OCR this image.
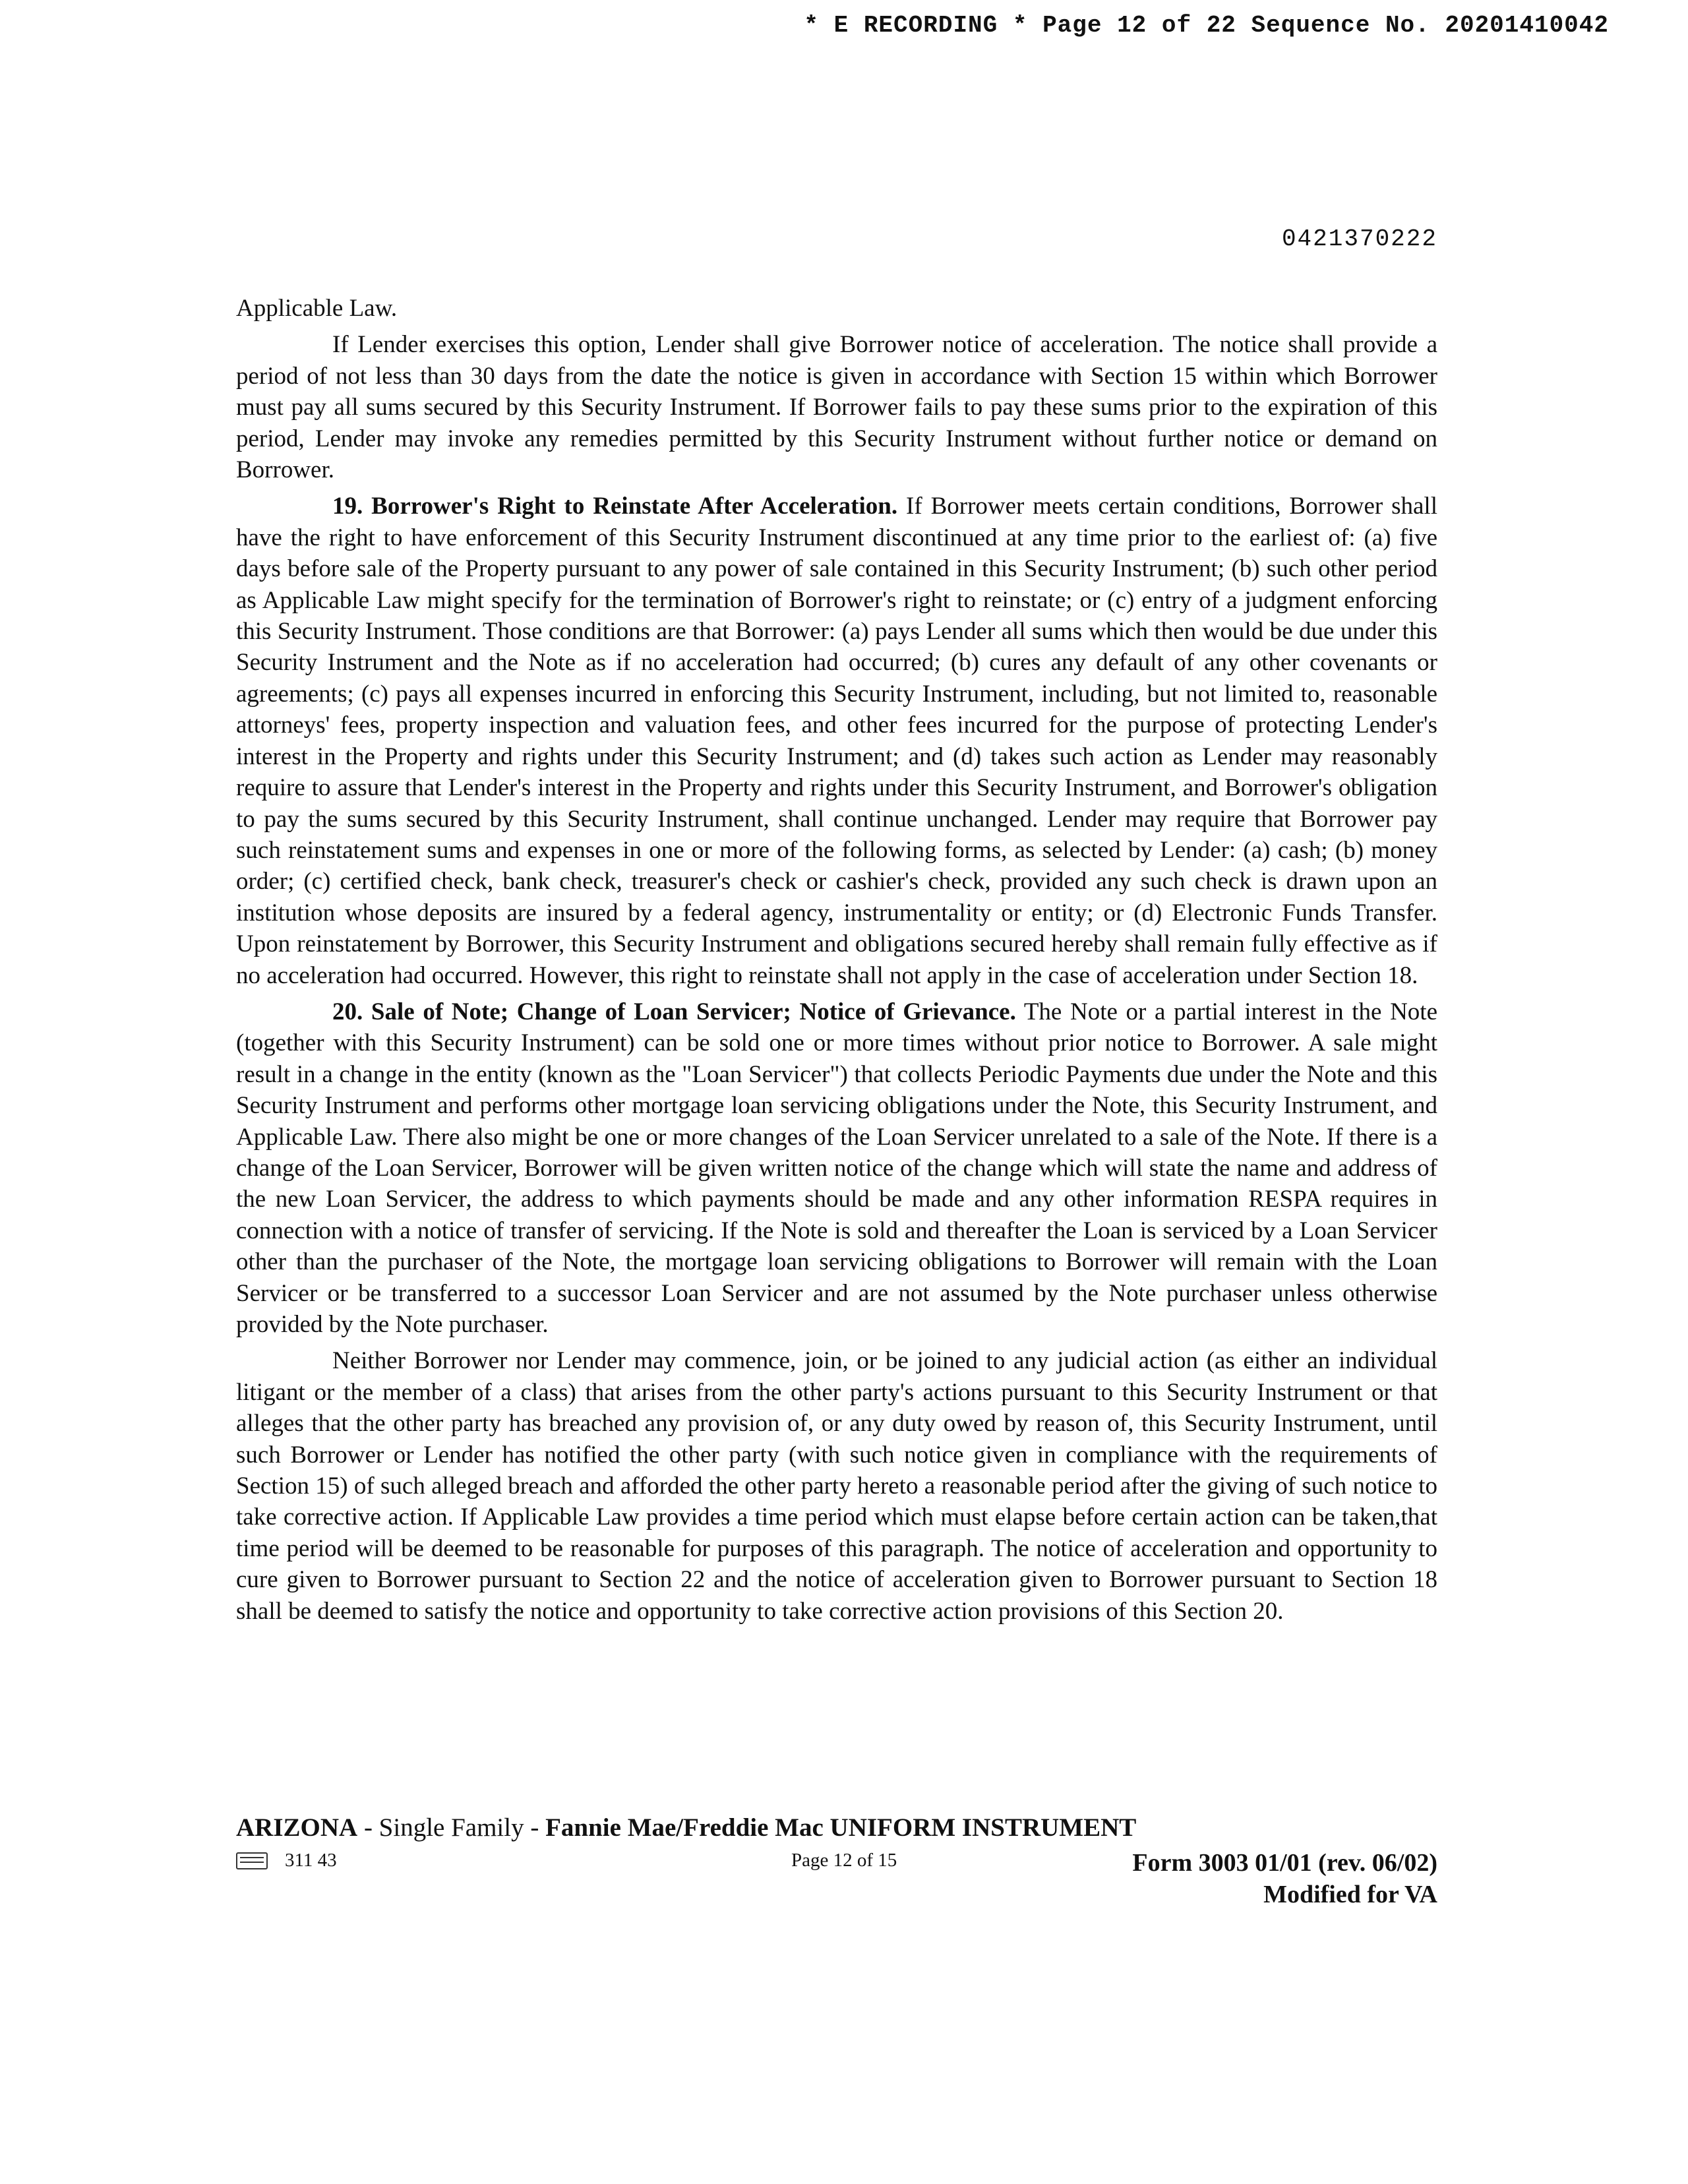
* E RECORDING * Page 12 of 22 Sequence No. 20201410042
0421370222

Applicable Law.

If Lender exercises this option, Lender shall give Borrower notice of acceleration. The notice shall provide a period of not less than 30 days from the date the notice is given in accordance with Section 15 within which Borrower must pay all sums secured by this Security Instrument. If Borrower fails to pay these sums prior to the expiration of this period, Lender may invoke any remedies permitted by this Security Instrument without further notice or demand on Borrower.

19. Borrower's Right to Reinstate After Acceleration. If Borrower meets certain conditions, Borrower shall have the right to have enforcement of this Security Instrument discontinued at any time prior to the earliest of: (a) five days before sale of the Property pursuant to any power of sale contained in this Security Instrument; (b) such other period as Applicable Law might specify for the termination of Borrower's right to reinstate; or (c) entry of a judgment enforcing this Security Instrument. Those conditions are that Borrower: (a) pays Lender all sums which then would be due under this Security Instrument and the Note as if no acceleration had occurred; (b) cures any default of any other covenants or agreements; (c) pays all expenses incurred in enforcing this Security Instrument, including, but not limited to, reasonable attorneys' fees, property inspection and valuation fees, and other fees incurred for the purpose of protecting Lender's interest in the Property and rights under this Security Instrument; and (d) takes such action as Lender may reasonably require to assure that Lender's interest in the Property and rights under this Security Instrument, and Borrower's obligation to pay the sums secured by this Security Instrument, shall continue unchanged. Lender may require that Borrower pay such reinstatement sums and expenses in one or more of the following forms, as selected by Lender: (a) cash; (b) money order; (c) certified check, bank check, treasurer's check or cashier's check, provided any such check is drawn upon an institution whose deposits are insured by a federal agency, instrumentality or entity; or (d) Electronic Funds Transfer. Upon reinstatement by Borrower, this Security Instrument and obligations secured hereby shall remain fully effective as if no acceleration had occurred. However, this right to reinstate shall not apply in the case of acceleration under Section 18.

20. Sale of Note; Change of Loan Servicer; Notice of Grievance. The Note or a partial interest in the Note (together with this Security Instrument) can be sold one or more times without prior notice to Borrower. A sale might result in a change in the entity (known as the "Loan Servicer") that collects Periodic Payments due under the Note and this Security Instrument and performs other mortgage loan servicing obligations under the Note, this Security Instrument, and Applicable Law. There also might be one or more changes of the Loan Servicer unrelated to a sale of the Note. If there is a change of the Loan Servicer, Borrower will be given written notice of the change which will state the name and address of the new Loan Servicer, the address to which payments should be made and any other information RESPA requires in connection with a notice of transfer of servicing. If the Note is sold and thereafter the Loan is serviced by a Loan Servicer other than the purchaser of the Note, the mortgage loan servicing obligations to Borrower will remain with the Loan Servicer or be transferred to a successor Loan Servicer and are not assumed by the Note purchaser unless otherwise provided by the Note purchaser.

Neither Borrower nor Lender may commence, join, or be joined to any judicial action (as either an individual litigant or the member of a class) that arises from the other party's actions pursuant to this Security Instrument or that alleges that the other party has breached any provision of, or any duty owed by reason of, this Security Instrument, until such Borrower or Lender has notified the other party (with such notice given in compliance with the requirements of Section 15) of such alleged breach and afforded the other party hereto a reasonable period after the giving of such notice to take corrective action. If Applicable Law provides a time period which must elapse before certain action can be taken,that time period will be deemed to be reasonable for purposes of this paragraph. The notice of acceleration and opportunity to cure given to Borrower pursuant to Section 22 and the notice of acceleration given to Borrower pursuant to Section 18 shall be deemed to satisfy the notice and opportunity to take corrective action provisions of this Section 20.

ARIZONA - Single Family - Fannie Mae/Freddie Mac UNIFORM INSTRUMENT

311 43	Page 12 of 15	Form 3003 01/01 (rev. 06/02)
Modified for VA
